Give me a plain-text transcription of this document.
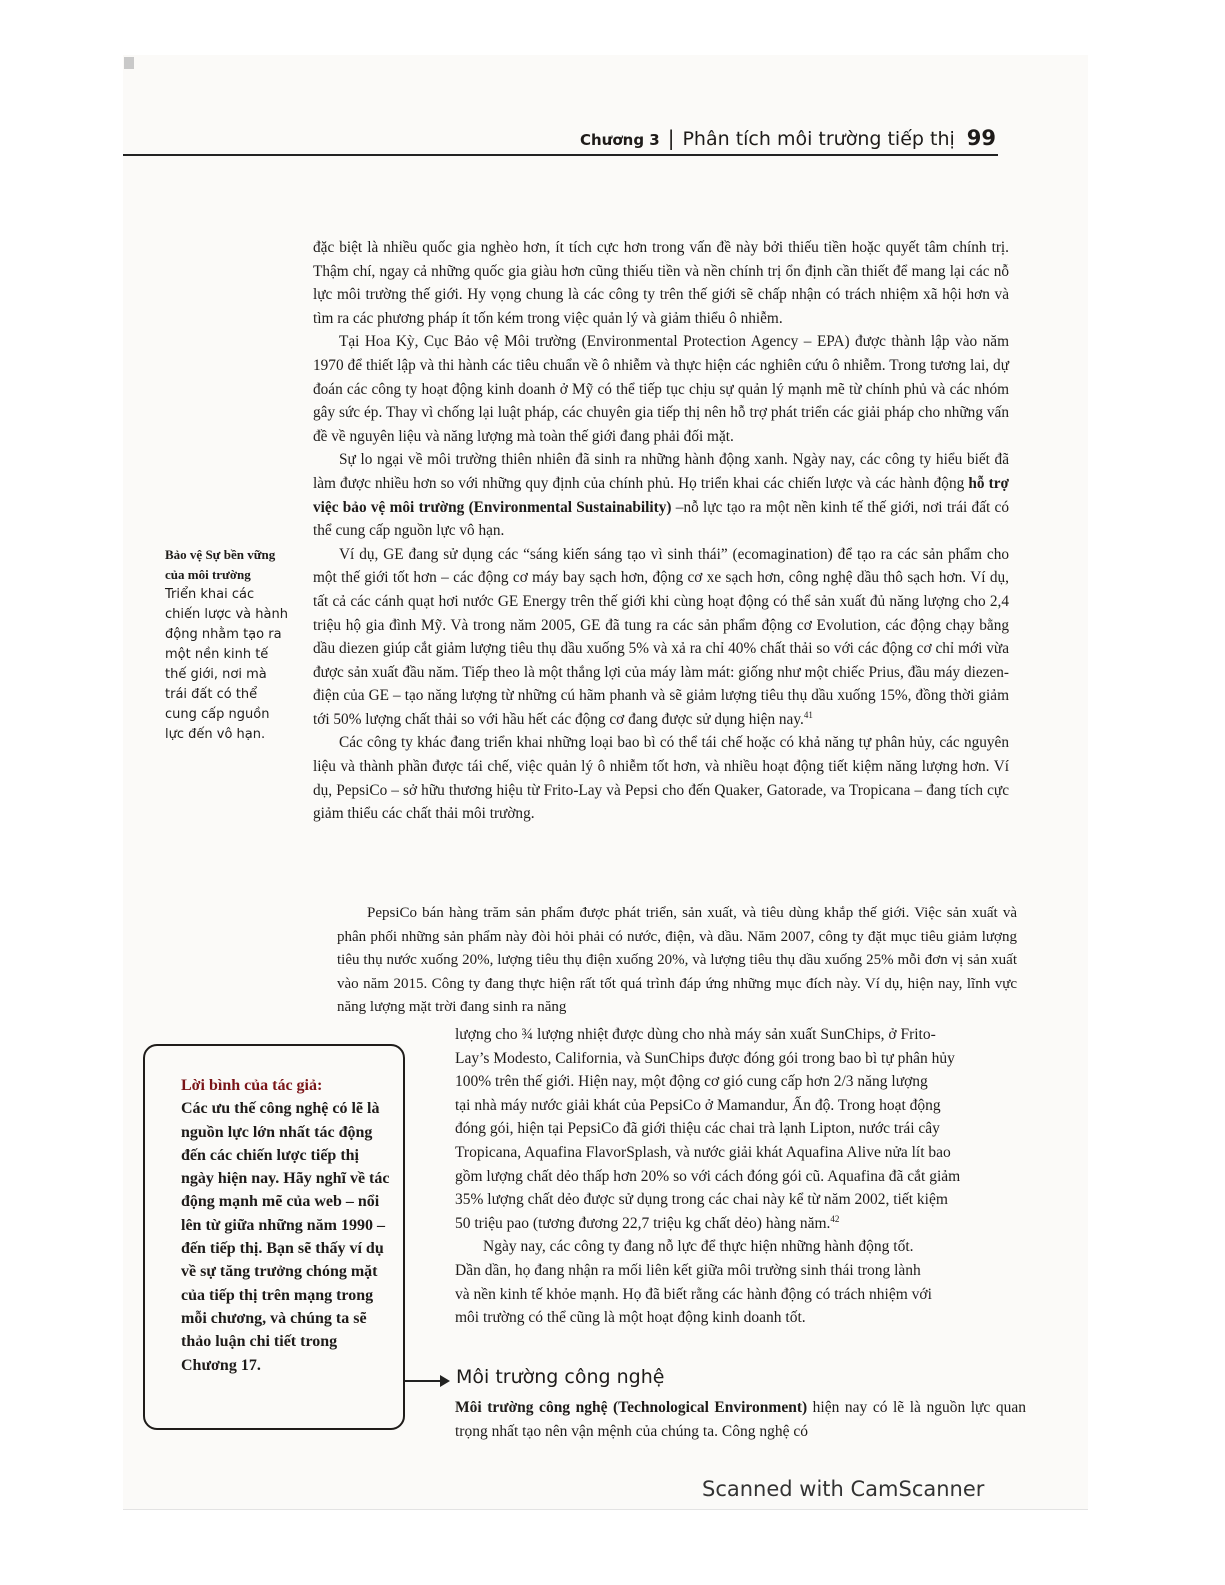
Chương 3 | Phân tích môi trường tiếp thị 99

đặc biệt là nhiều quốc gia nghèo hơn, ít tích cực hơn trong vấn đề này bởi thiếu tiền hoặc quyết tâm chính trị. Thậm chí, ngay cả những quốc gia giàu hơn cũng thiếu tiền và nền chính trị ổn định cần thiết để mang lại các nỗ lực môi trường thế giới. Hy vọng chung là các công ty trên thế giới sẽ chấp nhận có trách nhiệm xã hội hơn và tìm ra các phương pháp ít tốn kém trong việc quản lý và giảm thiểu ô nhiễm.

Tại Hoa Kỳ, Cục Bảo vệ Môi trường (Environmental Protection Agency – EPA) được thành lập vào năm 1970 để thiết lập và thi hành các tiêu chuẩn về ô nhiễm và thực hiện các nghiên cứu ô nhiễm. Trong tương lai, dự đoán các công ty hoạt động kinh doanh ở Mỹ có thể tiếp tục chịu sự quản lý mạnh mẽ từ chính phủ và các nhóm gây sức ép. Thay vì chống lại luật pháp, các chuyên gia tiếp thị nên hỗ trợ phát triển các giải pháp cho những vấn đề về nguyên liệu và năng lượng mà toàn thế giới đang phải đối mặt.

Sự lo ngại về môi trường thiên nhiên đã sinh ra những hành động xanh. Ngày nay, các công ty hiểu biết đã làm được nhiều hơn so với những quy định của chính phủ. Họ triển khai các chiến lược và các hành động hỗ trợ việc bảo vệ môi trường (Environmental Sustainability) –nỗ lực tạo ra một nền kinh tế thế giới, nơi trái đất có thể cung cấp nguồn lực vô hạn.

Ví dụ, GE đang sử dụng các “sáng kiến sáng tạo vì sinh thái” (ecomagination) để tạo ra các sản phẩm cho một thế giới tốt hơn – các động cơ máy bay sạch hơn, động cơ xe sạch hơn, công nghệ dầu thô sạch hơn. Ví dụ, tất cả các cánh quạt hơi nước GE Energy trên thế giới khi cùng hoạt động có thể sản xuất đủ năng lượng cho 2,4 triệu hộ gia đình Mỹ. Và trong năm 2005, GE đã tung ra các sản phẩm động cơ Evolution, các động chạy bằng dầu diezen giúp cắt giảm lượng tiêu thụ dầu xuống 5% và xả ra chỉ 40% chất thải so với các động cơ chỉ mới vừa được sản xuất đầu năm. Tiếp theo là một thắng lợi của máy làm mát: giống như một chiếc Prius, đầu máy diezen-điện của GE – tạo năng lượng từ những cú hãm phanh và sẽ giảm lượng tiêu thụ dầu xuống 15%, đồng thời giảm tới 50% lượng chất thải so với hầu hết các động cơ đang được sử dụng hiện nay.$^{41}$

Các công ty khác đang triển khai những loại bao bì có thể tái chế hoặc có khả năng tự phân hủy, các nguyên liệu và thành phần được tái chế, việc quản lý ô nhiễm tốt hơn, và nhiều hoạt động tiết kiệm năng lượng hơn. Ví dụ, PepsiCo – sở hữu thương hiệu từ Frito-Lay và Pepsi cho đến Quaker, Gatorade, va Tropicana – đang tích cực giảm thiểu các chất thải môi trường.

PepsiCo bán hàng trăm sản phẩm được phát triển, sản xuất, và tiêu dùng khắp thế giới. Việc sản xuất và phân phối những sản phẩm này đòi hỏi phải có nước, điện, và dầu. Năm 2007, công ty đặt mục tiêu giảm lượng tiêu thụ nước xuống 20%, lượng tiêu thụ điện xuống 20%, và lượng tiêu thụ dầu xuống 25% mỗi đơn vị sản xuất vào năm 2015. Công ty đang thực hiện rất tốt quá trình đáp ứng những mục đích này. Ví dụ, hiện nay, lĩnh vực năng lượng mặt trời đang sinh ra năng

lượng cho ¾ lượng nhiệt được dùng cho nhà máy sản xuất SunChips, ở Frito-

Lay’s Modesto, California, và SunChips được đóng gói trong bao bì tự phân hủy

100% trên thế giới. Hiện nay, một động cơ gió cung cấp hơn 2/3 năng lượng

tại nhà máy nước giải khát của PepsiCo ở Mamandur, Ấn độ. Trong hoạt động

đóng gói, hiện tại PepsiCo đã giới thiệu các chai trà lạnh Lipton, nước trái cây

Tropicana, Aquafina FlavorSplash, và nước giải khát Aquafina Alive nửa lít bao

gồm lượng chất dẻo thấp hơn 20% so với cách đóng gói cũ. Aquafina đã cắt giảm

35% lượng chất dẻo được sử dụng trong các chai này kể từ năm 2002, tiết kiệm

50 triệu pao (tương đương 22,7 triệu kg chất dẻo) hàng năm.$^{42}$

Ngày nay, các công ty đang nỗ lực để thực hiện những hành động tốt.

Dần dần, họ đang nhận ra mối liên kết giữa môi trường sinh thái trong lành

và nền kinh tế khỏe mạnh. Họ đã biết rằng các hành động có trách nhiệm với

môi trường có thể cũng là một hoạt động kinh doanh tốt.

Bảo vệ Sự bền vững của môi trường
Triển khai các chiến lược và hành động nhằm tạo ra một nền kinh tế thế giới, nơi mà trái đất có thể cung cấp nguồn lực đến vô hạn.
Lời bình của tác giả:
Các ưu thế công nghệ có lẽ là nguồn lực lớn nhất tác động đến các chiến lược tiếp thị ngày hiện nay. Hãy nghĩ về tác động mạnh mẽ của web – nổi lên từ giữa những năm 1990 – đến tiếp thị. Bạn sẽ thấy ví dụ về sự tăng trưởng chóng mặt của tiếp thị trên mạng trong mỗi chương, và chúng ta sẽ thảo luận chi tiết trong Chương 17.
Môi trường công nghệ

Môi trường công nghệ (Technological Environment) hiện nay có lẽ là nguồn lực quan trọng nhất tạo nên vận mệnh của chúng ta. Công nghệ có

Scanned with CamScanner
